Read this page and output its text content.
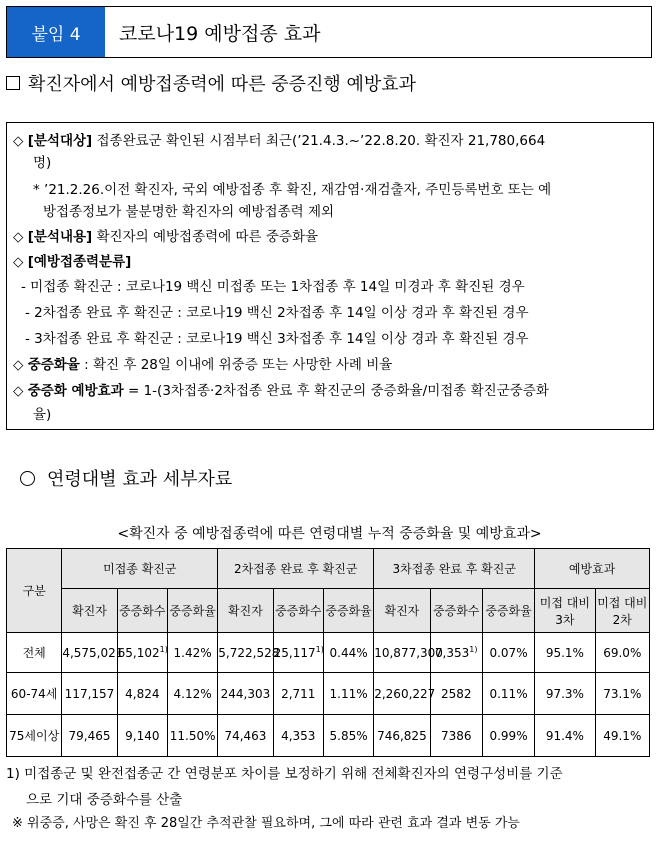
붙임 4	코로나19 예방접종 효과
확진자에서 예방접종력에 따른 중증진행 예방효과
◇ [분석대상] 접종완료군 확인된 시점부터 최근(’21.4.3.~’22.8.20. 확진자 21,780,664
명)
* ’21.2.26.이전 확진자, 국외 예방접종 후 확진, 재감염·재검출자, 주민등록번호 또는 예
방접종정보가 불분명한 확진자의 예방접종력 제외
◇ [분석내용] 확진자의 예방접종력에 따른 중증화율
◇ [예방접종력분류]
- 미접종 확진군 : 코로나19 백신 미접종 또는 1차접종 후 14일 미경과 후 확진된 경우
- 2차접종 완료 후 확진군 : 코로나19 백신 2차접종 후 14일 이상 경과 후 확진된 경우
- 3차접종 완료 후 확진군 : 코로나19 백신 3차접종 후 14일 이상 경과 후 확진된 경우
◇ 중증화율 : 확진 후 28일 이내에 위중증 또는 사망한 사례 비율
◇ 중증화 예방효과 = 1-(3차접종·2차접종 완료 후 확진군의 중증화율/미접종 확진군중증화
율)
연령대별 효과 세부자료
<확진자 중 예방접종력에 따른 연령대별 누적 중증화율 및 예방효과>
구분	미접종 확진군			2차접종 완료 후 확진군			3차접종 완료 후 확진군			예방효과	
	확진자	중증화수	중증화율	확진자	중증화수	중증화율	확진자	중증화수	중증화율	미접 대비 3차	미접 대비 2차
전체	4,575,021	65,102$^{1)}$	1.42%	5,722,528	25,117$^{1)}$	0.44%	10,877,300	7,353$^{1)}$	0.07%	95.1%	69.0%
60-74세	117,157	4,824	4.12%	244,303	2,711	1.11%	2,260,227	2582	0.11%	97.3%	73.1%
75세이상	79,465	9,140	11.50%	74,463	4,353	5.85%	746,825	7386	0.99%	91.4%	49.1%
1) 미접종군 및 완전접종군 간 연령분포 차이를 보정하기 위해 전체확진자의 연령구성비를 기준
으로 기대 중증화수를 산출
※ 위중증, 사망은 확진 후 28일간 추적관찰 필요하며, 그에 따라 관련 효과 결과 변동 가능
